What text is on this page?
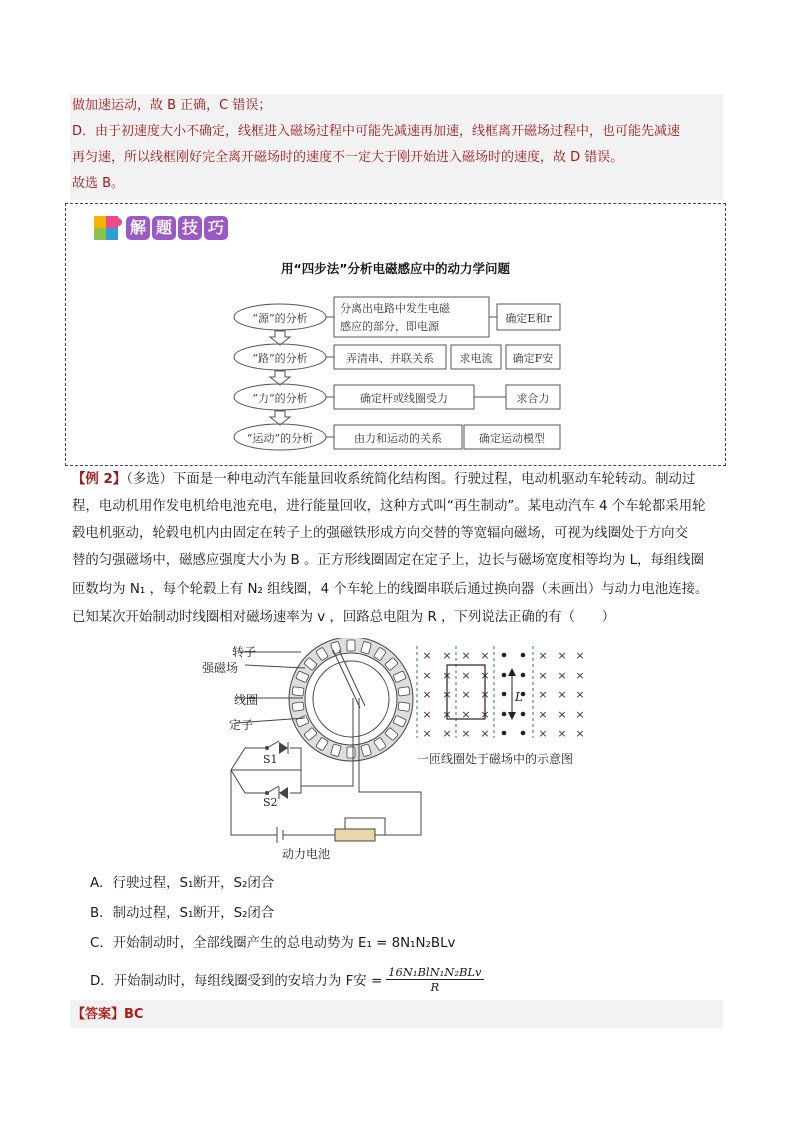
做加速运动，故 B 正确，C 错误；
D．由于初速度大小不确定，线框进入磁场过程中可能先减速再加速，线框离开磁场过程中，也可能先减速
再匀速，所以线框刚好完全离开磁场时的速度不一定大于刚开始进入磁场时的速度，故 D 错误。
故选 B。
解 题 技 巧
用“四步法”分析电磁感应中的动力学问题
“源”的分析
分离出电路中发生电磁
感应的部分，即电源
确定E和r
“路”的分析	弄清串、并联关系	求电流	确定F安
“力”的分析	确定杆或线圈受力	求合力
“运动”的分析	由力和运动的关系	确定运动模型
【例 2】（多选）下面是一种电动汽车能量回收系统简化结构图。行驶过程，电动机驱动车轮转动。制动过
程，电动机用作发电机给电池充电，进行能量回收，这种方式叫“再生制动”。某电动汽车 4 个车轮都采用轮
毂电机驱动，轮毂电机内由固定在转子上的强磁铁形成方向交替的等宽辐向磁场，可视为线圈处于方向交
替的匀强磁场中，磁感应强度大小为 B 。正方形线圈固定在定子上，边长与磁场宽度相等均为 L，每组线圈
匝数均为 N₁ ，每个轮毂上有 N₂ 组线圈，4 个车轮上的线圈串联后通过换向器（未画出）与动力电池连接。
已知某次开始制动时线圈相对磁场速率为 v ，回路总电阻为 R ，下列说法正确的有（　　）
×
×
×
×
×
×
×
×
×
×
×
×
×
×
×
×
×
×
×
×
×
×
×
×
×
×
×
×
×
×
×
×
×
×
×
转子
强磁场
线圈
定子
S1
S2
动力电池
L
一匝线圈处于磁场中的示意图
A．行驶过程，S₁断开，S₂闭合
B．制动过程，S₁断开，S₂闭合
C．开始制动时，全部线圈产生的总电动势为 E₁ = 8N₁N₂BLv
D．开始制动时，每组线圈受到的安培力为 F安 =
16N₁BlN₁N₂BLv
R
【答案】BC
